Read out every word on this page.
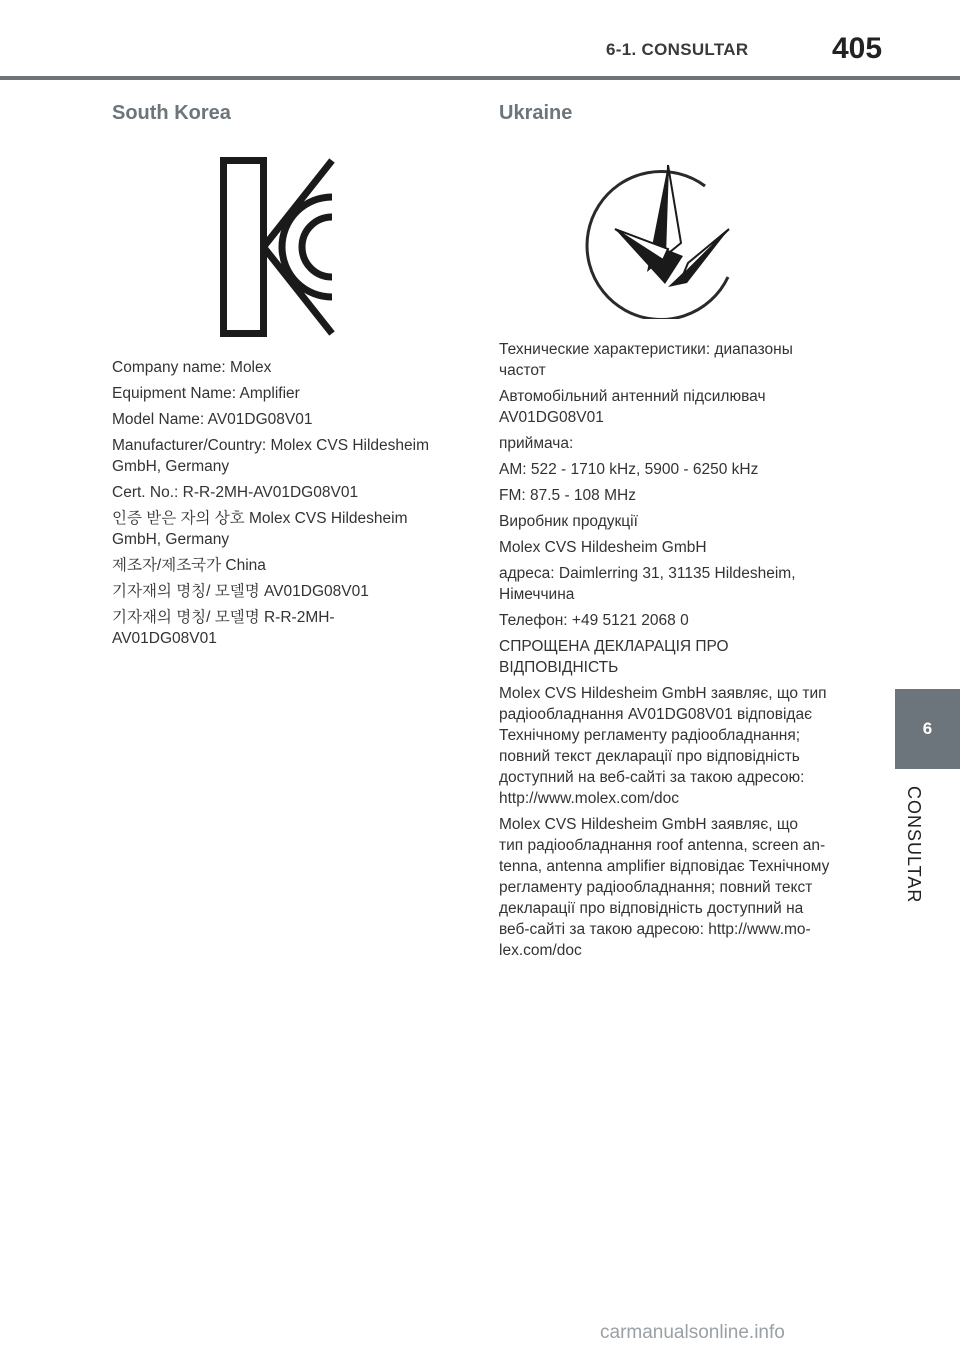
6-1. CONSULTAR	405
South Korea

Company name: Molex

Equipment Name: Amplifier

Model Name: AV01DG08V01

Manufacturer/Country: Molex CVS Hildesheim
GmbH, Germany

Cert. No.: R-R-2MH-AV01DG08V01

인증 받은 자의 상호 Molex CVS Hildesheim
GmbH, Germany

제조자/제조국가 China

기자재의 명칭/ 모델명 AV01DG08V01

기자재의 명칭/ 모델명 R-R-2MH-
AV01DG08V01

Ukraine

Технические характеристики: диапазоны
частот

Автомобільний антенний підсилювач
AV01DG08V01

приймача:

AM: 522 - 1710 kHz, 5900 - 6250 kHz

FM: 87.5 - 108 MHz

Виробник продукції

Molex CVS Hildesheim GmbH

адреса: Daimlerring 31, 31135 Hildesheim,
Німеччина

Телефон: +49 5121 2068 0

СПРОЩЕНА ДЕКЛАРАЦІЯ ПРО
ВІДПОВІДНІСТЬ

Molex CVS Hildesheim GmbH заявляє, що тип
радіообладнання AV01DG08V01 відповідає
Технічному регламенту радіообладнання;
повний текст декларації про відповідність
доступний на веб-сайті за такою адресою:
http://www.molex.com/doc

Molex CVS Hildesheim GmbH заявляє, що
тип радіообладнання roof antenna, screen an-
tenna, antenna amplifier відповідає Технічному
регламенту радіообладнання; повний текст
декларації про відповідність доступний на
веб-сайті за такою адресою: http://www.mo-
lex.com/doc

6
CONSULTAR
carmanualsonline.info
